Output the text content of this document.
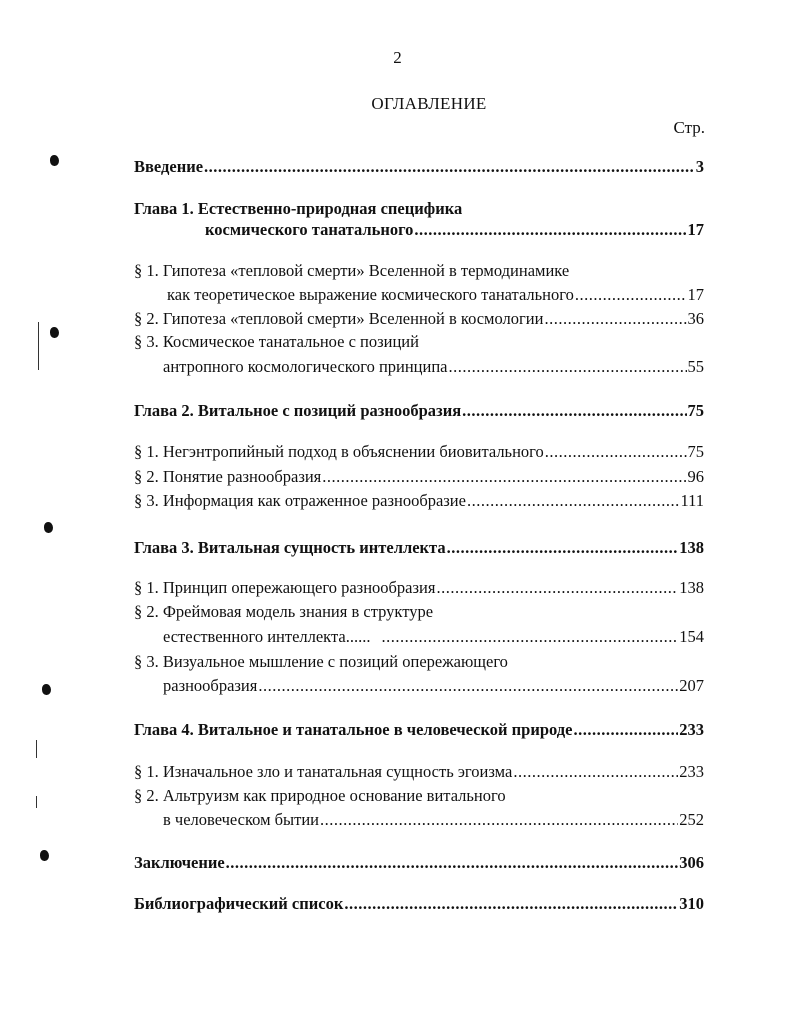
2
ОГЛАВЛЕНИЕ
Стр.
Введение .....	3
Глава 1. Естественно-природная специфика
космического танатального .....	17
§ 1. Гипотеза «тепловой смерти» Вселенной в термодинамике
как теоретическое выражение космического танатального .....	17
§ 2. Гипотеза «тепловой смерти» Вселенной в космологии .....	36
§ 3. Космическое танатальное с позиций
антропного космологического принципа .....	55
Глава 2. Витальное с позиций разнообразия .....	75
§ 1. Негэнтропийный подход в объяснении биовитального .....	75
§ 2. Понятие разнообразия .....	96
§ 3. Информация как отраженное разнообразие .....	111
Глава 3. Витальная сущность интеллекта .....	138
§ 1. Принцип опережающего разнообразия .....	138
§ 2. Фреймовая модель знания в структуре
естественного интеллекта...... .....	154
§ 3. Визуальное мышление с позиций опережающего
разнообразия .....	207
Глава 4. Витальное и танатальное в человеческой природе .....	233
§ 1. Изначальное зло и танатальная сущность эгоизма .....	233
§ 2. Альтруизм как природное основание витального
в человеческом бытии .....	252
Заключение .....	306
Библиографический список .....	310
